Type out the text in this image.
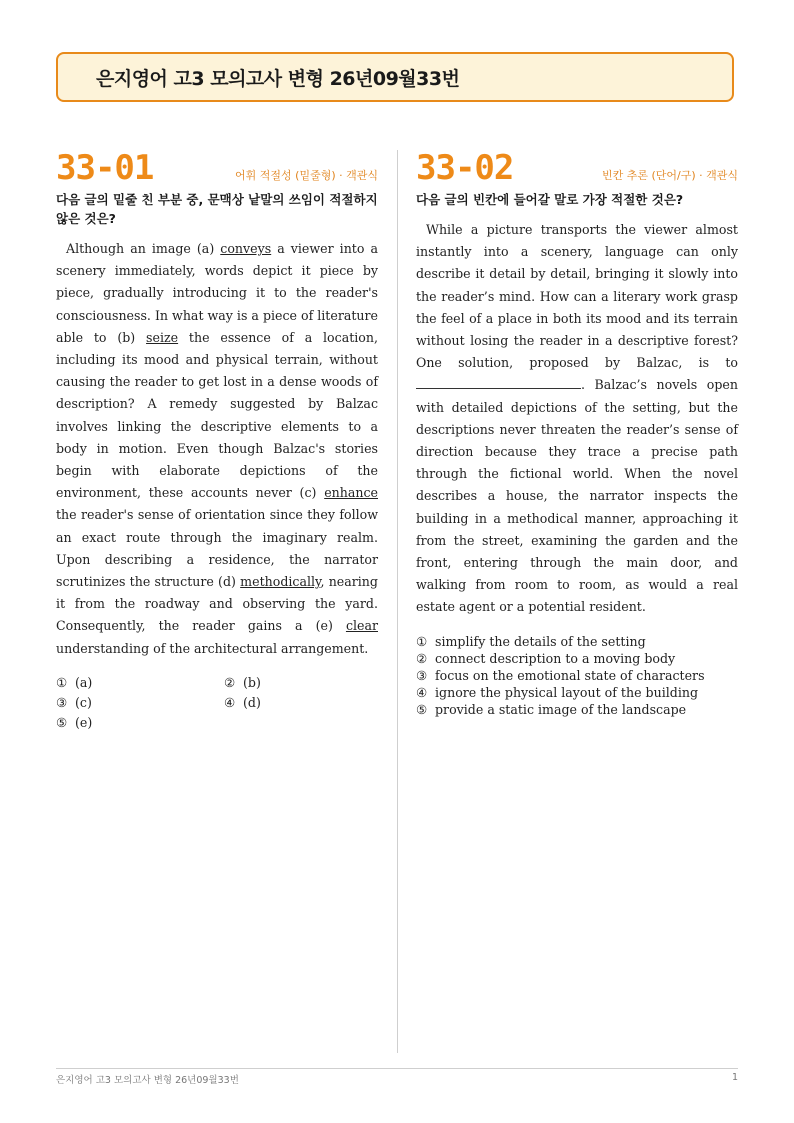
은지영어 고3 모의고사 변형 26년09월33번
33-01	어휘 적절성 (밑줄형) · 객관식
다음 글의 밑줄 친 부분 중, 문맥상 낱말의 쓰임이 적절하지 않은 것은?
Although an image (a) conveys a viewer into a scenery immediately, words depict it piece by piece, gradually introducing it to the reader's consciousness. In what way is a piece of literature able to (b) seize the essence of a location, including its mood and physical terrain, without causing the reader to get lost in a dense woods of description? A remedy suggested by Balzac involves linking the descriptive elements to a body in motion. Even though Balzac's stories begin with elaborate depictions of the environment, these accounts never (c) enhance the reader's sense of orientation since they follow an exact route through the imaginary realm. Upon describing a residence, the narrator scrutinizes the structure (d) methodically, nearing it from the roadway and observing the yard. Consequently, the reader gains a (e) clear understanding of the architectural arrangement.
① (a)	② (b)
③ (c)	④ (d)
⑤ (e)
33-02	빈칸 추론 (단어/구) · 객관식
다음 글의 빈칸에 들어갈 말로 가장 적절한 것은?
While a picture transports the viewer almost instantly into a scenery, language can only describe it detail by detail, bringing it slowly into the reader’s mind. How can a literary work grasp the feel of a place in both its mood and its terrain without losing the reader in a descriptive forest? One solution, proposed by Balzac, is to. Balzac’s novels open with detailed depictions of the setting, but the descriptions never threaten the reader’s sense of direction because they trace a precise path through the fictional world. When the novel describes a house, the narrator inspects the building in a methodical manner, approaching it from the street, examining the garden and the front, entering through the main door, and walking from room to room, as would a real estate agent or a potential resident.
① simplify the details of the setting
② connect description to a moving body
③ focus on the emotional state of characters
④ ignore the physical layout of the building
⑤ provide a static image of the landscape
은지영어 고3 모의고사 변형 26년09월33번	1
